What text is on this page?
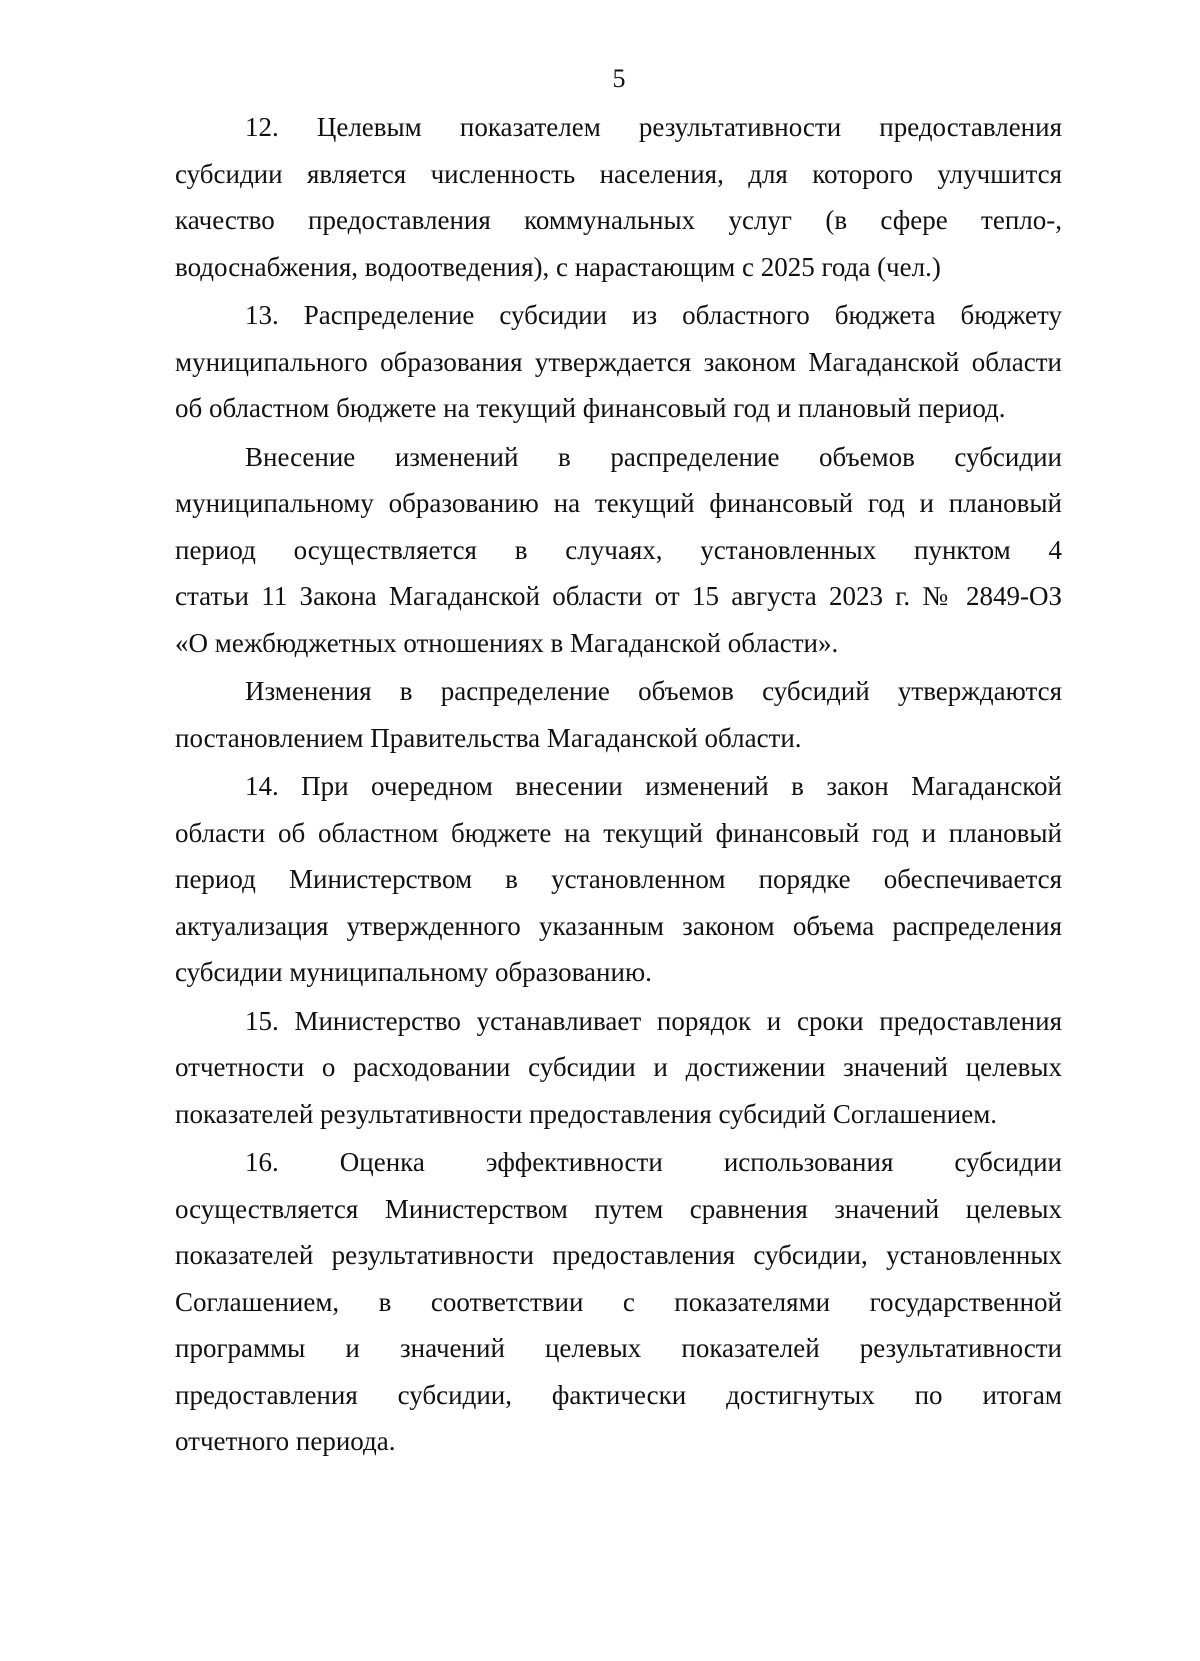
5
12. Целевым показателем результативности предоставления
субсидии является численность населения, для которого улучшится
качество предоставления коммунальных услуг (в сфере тепло-,
водоснабжения, водоотведения), с нарастающим с 2025 года (чел.)
13. Распределение субсидии из областного бюджета бюджету
муниципального образования утверждается законом Магаданской области
об областном бюджете на текущий финансовый год и плановый период.
Внесение изменений в распределение объемов субсидии
муниципальному образованию на текущий финансовый год и плановый
период осуществляется в случаях, установленных пунктом 4
статьи 11 Закона Магаданской области от 15 августа 2023 г. № 2849-ОЗ
«О межбюджетных отношениях в Магаданской области».
Изменения в распределение объемов субсидий утверждаются
постановлением Правительства Магаданской области.
14. При очередном внесении изменений в закон Магаданской
области об областном бюджете на текущий финансовый год и плановый
период Министерством в установленном порядке обеспечивается
актуализация утвержденного указанным законом объема распределения
субсидии муниципальному образованию.
15. Министерство устанавливает порядок и сроки предоставления
отчетности о расходовании субсидии и достижении значений целевых
показателей результативности предоставления субсидий Соглашением.
16. Оценка эффективности использования субсидии
осуществляется Министерством путем сравнения значений целевых
показателей результативности предоставления субсидии, установленных
Соглашением, в соответствии с показателями государственной
программы и значений целевых показателей результативности
предоставления субсидии, фактически достигнутых по итогам
отчетного периода.
